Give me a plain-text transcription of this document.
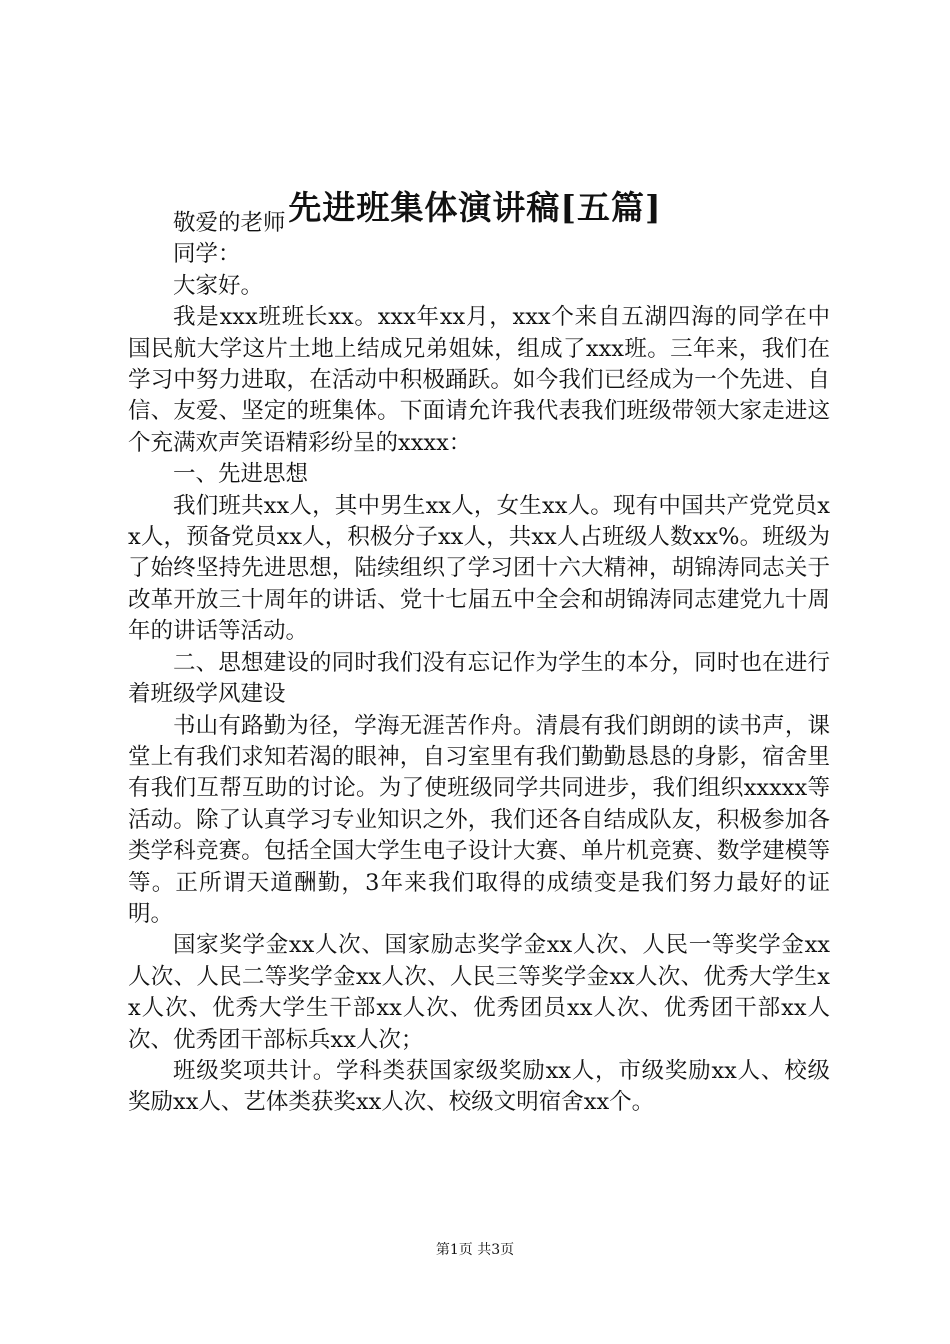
先进班集体演讲稿[五篇]

敬爱的老师

同学：

大家好。

我是xxx班班长xx。xxx年xx月，xxx个来自五湖四海的同学在中国民航大学这片土地上结成兄弟姐妹，组成了xxx班。三年来，我们在学习中努力进取，在活动中积极踊跃。如今我们已经成为一个先进、自信、友爱、坚定的班集体。下面请允许我代表我们班级带领大家走进这个充满欢声笑语精彩纷呈的xxxx：

一、先进思想

我们班共xx人，其中男生xx人，女生xx人。现有中国共产党党员xx人，预备党员xx人，积极分子xx人，共xx人占班级人数xx%。班级为了始终坚持先进思想，陆续组织了学习团十六大精神，胡锦涛同志关于改革开放三十周年的讲话、党十七届五中全会和胡锦涛同志建党九十周年的讲话等活动。

二、思想建设的同时我们没有忘记作为学生的本分，同时也在进行着班级学风建设

书山有路勤为径，学海无涯苦作舟。清晨有我们朗朗的读书声，课堂上有我们求知若渴的眼神，自习室里有我们勤勤恳恳的身影，宿舍里有我们互帮互助的讨论。为了使班级同学共同进步，我们组织xxxxx等活动。除了认真学习专业知识之外，我们还各自结成队友，积极参加各类学科竞赛。包括全国大学生电子设计大赛、单片机竞赛、数学建模等等。正所谓天道酬勤，3年来我们取得的成绩变是我们努力最好的证明。

国家奖学金xx人次、国家励志奖学金xx人次、人民一等奖学金xx人次、人民二等奖学金xx人次、人民三等奖学金xx人次、优秀大学生xx人次、优秀大学生干部xx人次、优秀团员xx人次、优秀团干部xx人次、优秀团干部标兵xx人次；

班级奖项共计。学科类获国家级奖励xx人，市级奖励xx人、校级奖励xx人、艺体类获奖xx人次、校级文明宿舍xx个。

第1页 共3页
